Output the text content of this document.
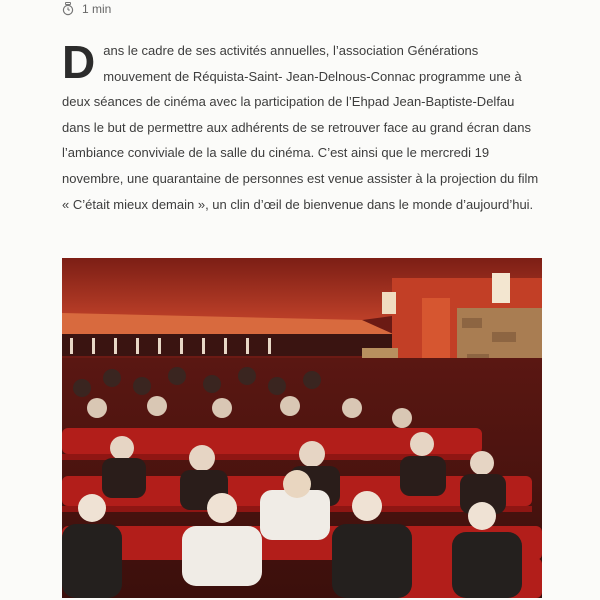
1 min
D ans le cadre de ses activités annuelles, l’association Générations mouvement de Réquista-Saint- Jean-Delnous-Connac programme une à deux séances de cinéma avec la participation de l’Ehpad Jean-Baptiste-Delfau dans le but de permettre aux adhérents de se retrouver face au grand écran dans l’ambiance conviviale de la salle du cinéma. C’est ainsi que le mercredi 19 novembre, une quarantaine de personnes est venue assister à la projection du film « C’était mieux demain », un clin d’œil de bienvenue dans le monde d’aujourd’hui.
